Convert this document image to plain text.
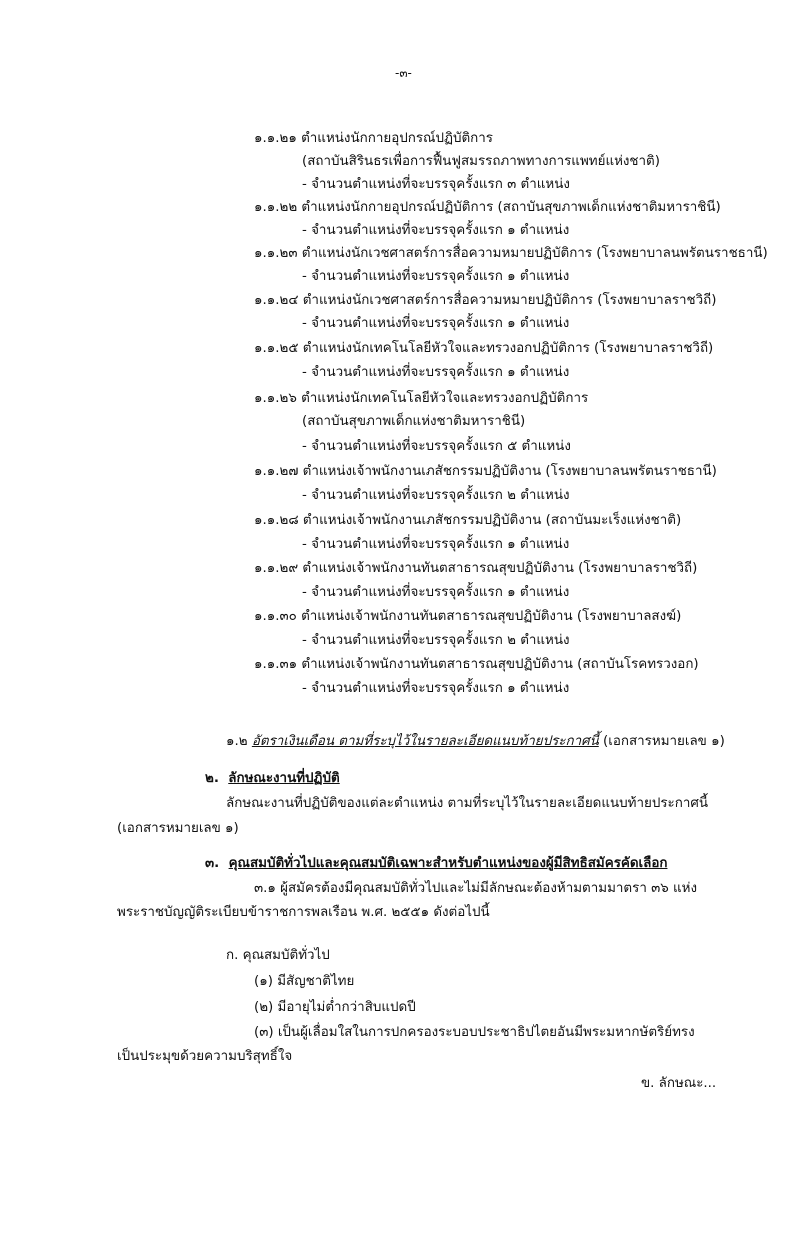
-๓-
๑.๑.๒๑ ตำแหน่งนักกายอุปกรณ์ปฏิบัติการ
(สถาบันสิรินธรเพื่อการฟื้นฟูสมรรถภาพทางการแพทย์แห่งชาติ)
- จำนวนตำแหน่งที่จะบรรจุครั้งแรก ๓ ตำแหน่ง
๑.๑.๒๒ ตำแหน่งนักกายอุปกรณ์ปฏิบัติการ (สถาบันสุขภาพเด็กแห่งชาติมหาราชินี)
- จำนวนตำแหน่งที่จะบรรจุครั้งแรก ๑ ตำแหน่ง
๑.๑.๒๓ ตำแหน่งนักเวชศาสตร์การสื่อความหมายปฏิบัติการ (โรงพยาบาลนพรัตนราชธานี)
- จำนวนตำแหน่งที่จะบรรจุครั้งแรก ๑ ตำแหน่ง
๑.๑.๒๔ ตำแหน่งนักเวชศาสตร์การสื่อความหมายปฏิบัติการ (โรงพยาบาลราชวิถี)
- จำนวนตำแหน่งที่จะบรรจุครั้งแรก ๑ ตำแหน่ง
๑.๑.๒๕ ตำแหน่งนักเทคโนโลยีหัวใจและทรวงอกปฏิบัติการ (โรงพยาบาลราชวิถี)
- จำนวนตำแหน่งที่จะบรรจุครั้งแรก ๑ ตำแหน่ง
๑.๑.๒๖ ตำแหน่งนักเทคโนโลยีหัวใจและทรวงอกปฏิบัติการ
(สถาบันสุขภาพเด็กแห่งชาติมหาราชินี)
- จำนวนตำแหน่งที่จะบรรจุครั้งแรก ๕ ตำแหน่ง
๑.๑.๒๗ ตำแหน่งเจ้าพนักงานเภสัชกรรมปฏิบัติงาน (โรงพยาบาลนพรัตนราชธานี)
- จำนวนตำแหน่งที่จะบรรจุครั้งแรก ๒ ตำแหน่ง
๑.๑.๒๘ ตำแหน่งเจ้าพนักงานเภสัชกรรมปฏิบัติงาน (สถาบันมะเร็งแห่งชาติ)
- จำนวนตำแหน่งที่จะบรรจุครั้งแรก ๑ ตำแหน่ง
๑.๑.๒๙ ตำแหน่งเจ้าพนักงานทันตสาธารณสุขปฏิบัติงาน (โรงพยาบาลราชวิถี)
- จำนวนตำแหน่งที่จะบรรจุครั้งแรก ๑ ตำแหน่ง
๑.๑.๓๐ ตำแหน่งเจ้าพนักงานทันตสาธารณสุขปฏิบัติงาน (โรงพยาบาลสงฆ์)
- จำนวนตำแหน่งที่จะบรรจุครั้งแรก ๒ ตำแหน่ง
๑.๑.๓๑ ตำแหน่งเจ้าพนักงานทันตสาธารณสุขปฏิบัติงาน (สถาบันโรคทรวงอก)
- จำนวนตำแหน่งที่จะบรรจุครั้งแรก ๑ ตำแหน่ง
๑.๒ อัตราเงินเดือน ตามที่ระบุไว้ในรายละเอียดแนบท้ายประกาศนี้ (เอกสารหมายเลข ๑)
๒. ลักษณะงานที่ปฏิบัติ
ลักษณะงานที่ปฏิบัติของแต่ละตำแหน่ง ตามที่ระบุไว้ในรายละเอียดแนบท้ายประกาศนี้
(เอกสารหมายเลข ๑)
๓. คุณสมบัติทั่วไปและคุณสมบัติเฉพาะสำหรับตำแหน่งของผู้มีสิทธิสมัครคัดเลือก
๓.๑ ผู้สมัครต้องมีคุณสมบัติทั่วไปและไม่มีลักษณะต้องห้ามตามมาตรา ๓๖ แห่ง
พระราชบัญญัติระเบียบข้าราชการพลเรือน พ.ศ. ๒๕๕๑ ดังต่อไปนี้
ก. คุณสมบัติทั่วไป
(๑) มีสัญชาติไทย
(๒) มีอายุไม่ต่ำกว่าสิบแปดปี
(๓) เป็นผู้เลื่อมใสในการปกครองระบอบประชาธิปไตยอันมีพระมหากษัตริย์ทรง
เป็นประมุขด้วยความบริสุทธิ์ใจ
ข. ลักษณะ...
